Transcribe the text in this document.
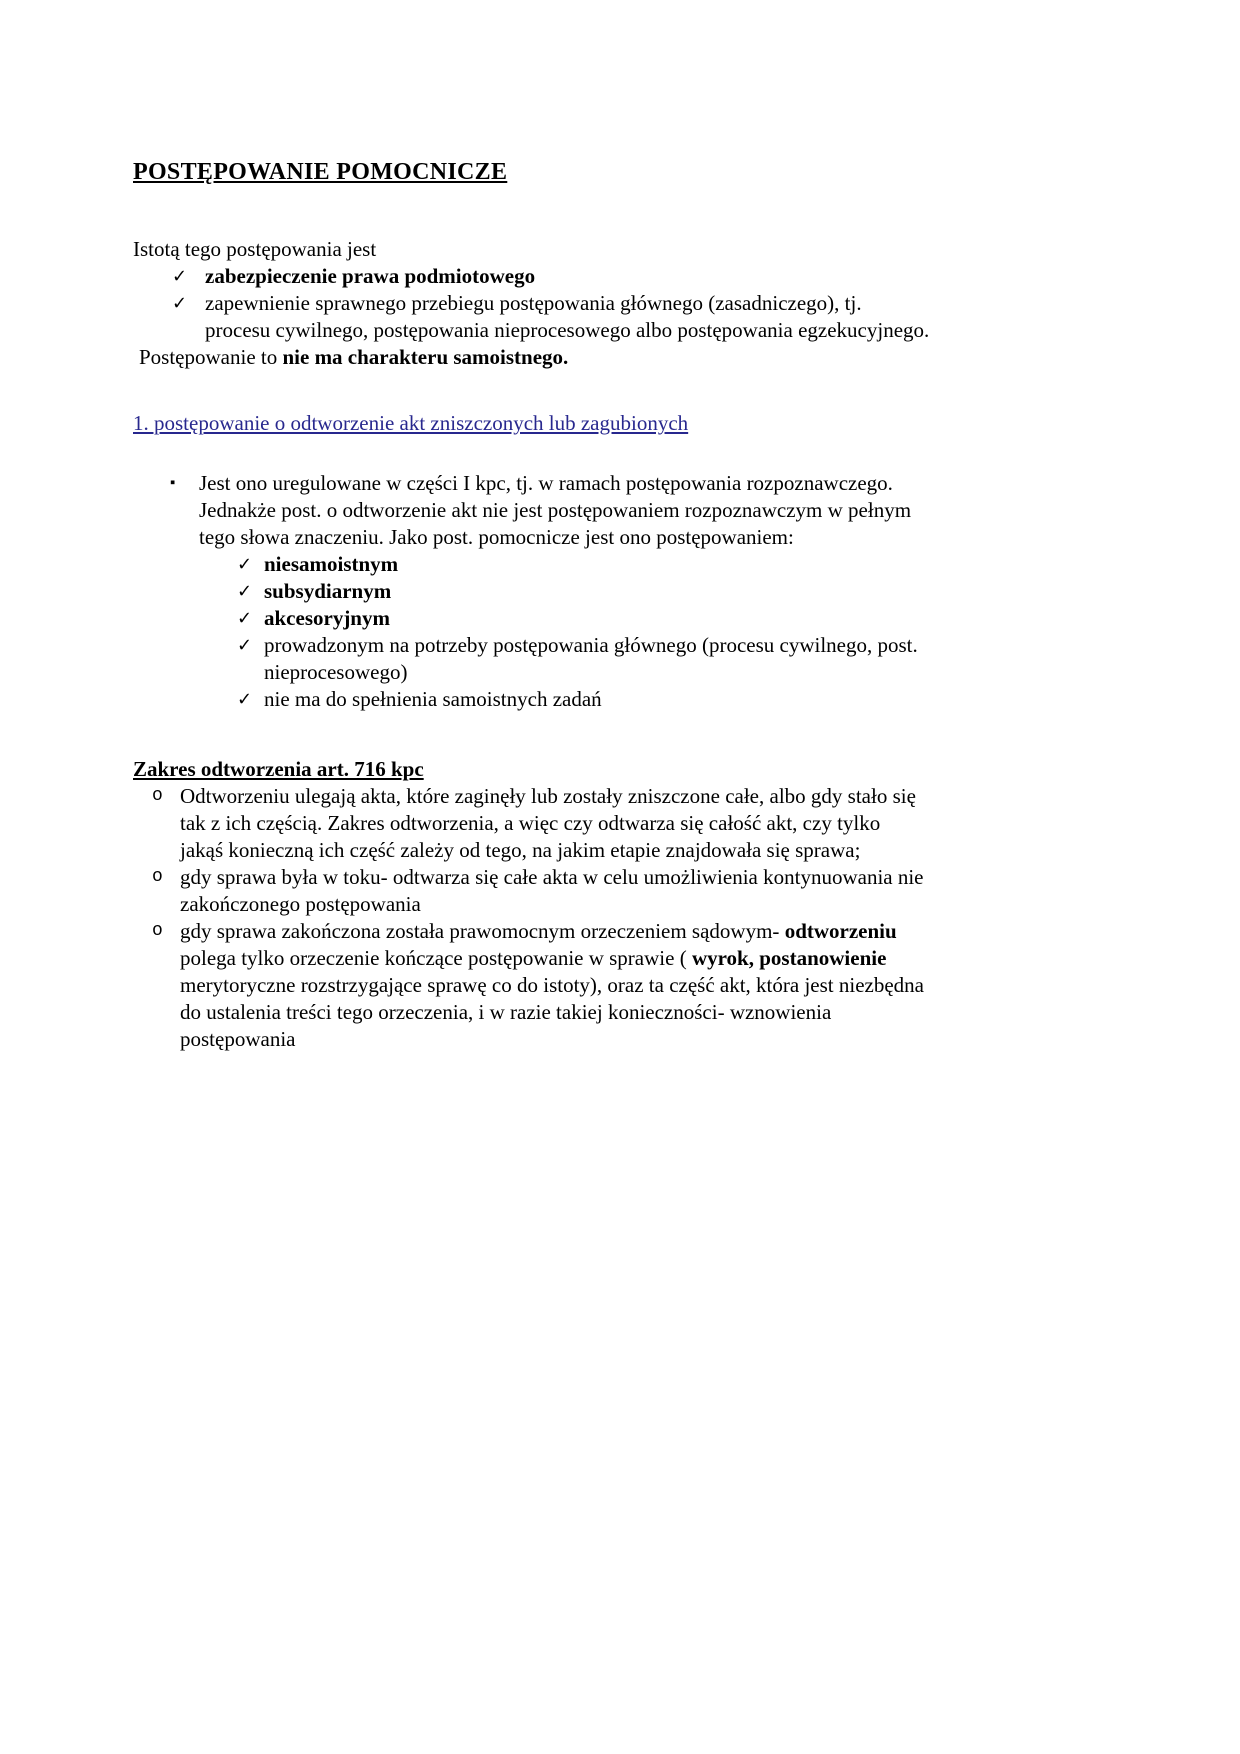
POSTĘPOWANIE POMOCNICZE

Istotą tego postępowania jest

✓ zabezpieczenie prawa podmiotowego
✓ zapewnienie sprawnego przebiegu postępowania głównego (zasadniczego), tj.
procesu cywilnego, postępowania nieprocesowego albo postępowania egzekucyjnego.

Postępowanie to nie ma charakteru samoistnego.

1. postępowanie o odtworzenie akt zniszczonych lub zagubionych

▪	Jest ono uregulowane w części I kpc, tj. w ramach postępowania rozpoznawczego.
Jednakże post. o odtworzenie akt nie jest postępowaniem rozpoznawczym w pełnym
tego słowa znaczeniu. Jako post. pomocnicze jest ono postępowaniem:
✓ niesamoistnym
✓ subsydiarnym
✓ akcesoryjnym
✓ prowadzonym na potrzeby postępowania głównego (procesu cywilnego, post.
nieprocesowego)
✓ nie ma do spełnienia samoistnych zadań
Zakres odtworzenia art. 716 kpc
o Odtworzeniu ulegają akta, które zaginęły lub zostały zniszczone całe, albo gdy stało się
tak z ich częścią. Zakres odtworzenia, a więc czy odtwarza się całość akt, czy tylko
jakąś konieczną ich część zależy od tego, na jakim etapie znajdowała się sprawa;
o gdy sprawa była w toku- odtwarza się całe akta w celu umożliwienia kontynuowania nie
zakończonego postępowania
o gdy sprawa zakończona została prawomocnym orzeczeniem sądowym- odtworzeniu
polega tylko orzeczenie kończące postępowanie w sprawie ( wyrok, postanowienie
merytoryczne rozstrzygające sprawę co do istoty), oraz ta część akt, która jest niezbędna
do ustalenia treści tego orzeczenia, i w razie takiej konieczności- wznowienia
postępowania
